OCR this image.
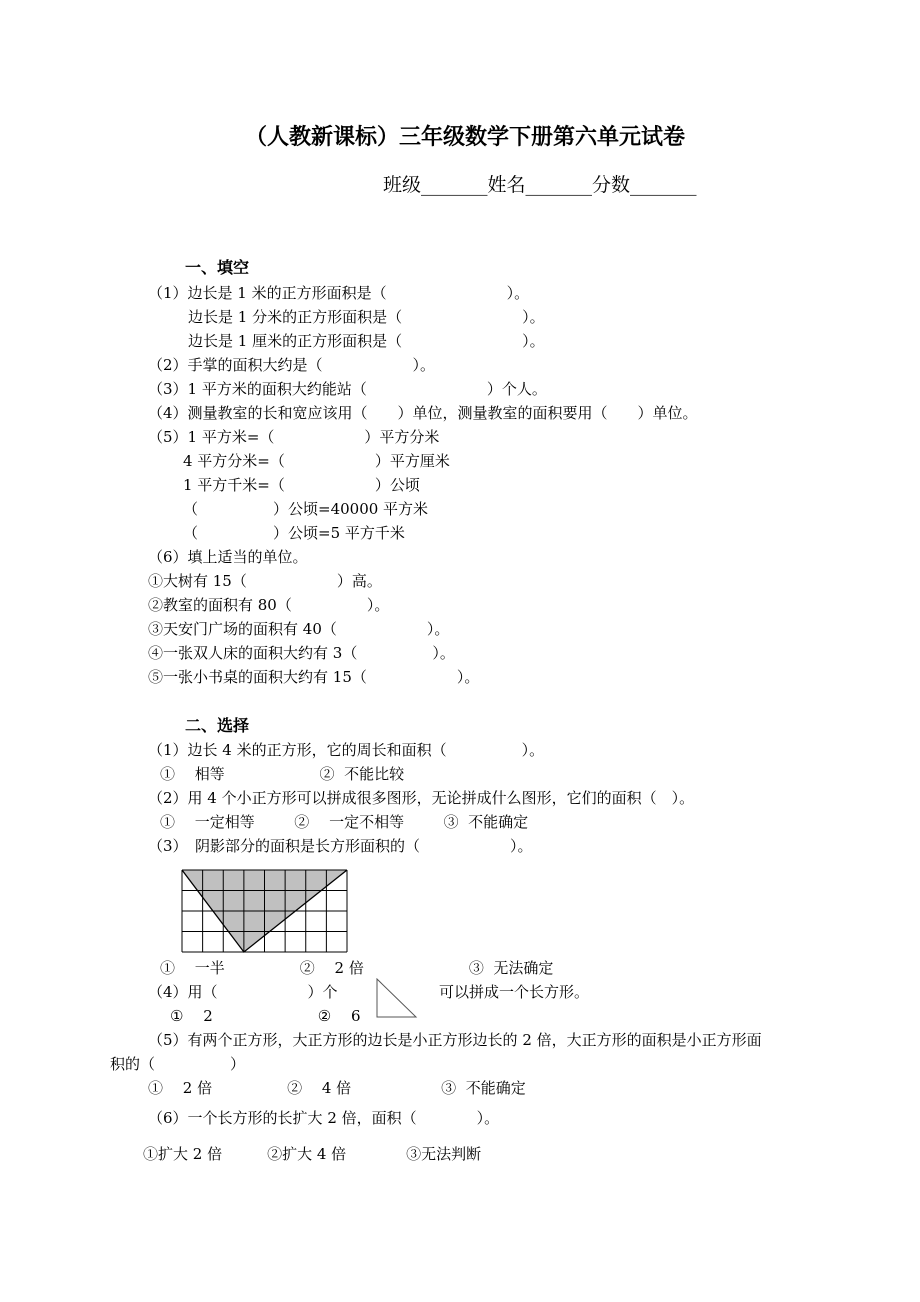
（人教新课标）三年级数学下册第六单元试卷
班级_______姓名_______分数_______
一、填空
（1）边长是 1 米的正方形面积是（　　　　　　　　）。
边长是 1 分米的正方形面积是（　　　　　　　　）。
边长是 1 厘米的正方形面积是（　　　　　　　　）。
（2）手掌的面积大约是（　　　　　　）。
（3）1 平方米的面积大约能站（　　　　　　　　）个人。
（4）测量教室的长和宽应该用（　　）单位，测量教室的面积要用（　　）单位。
（5）1 平方米=（　　　　　　）平方分米
4 平方分米=（　　　　　　）平方厘米
1 平方千米=（　　　　　　）公顷
（　　　　　）公顷=40000 平方米
（　　　　　）公顷=5 平方千米
（6）填上适当的单位。
①大树有 15（　　　　　　）高。
②教室的面积有 80（　　　　　）。
③天安门广场的面积有 40（　　　　　　）。
④一张双人床的面积大约有 3（　　　　　）。
⑤一张小书桌的面积大约有 15（　　　　　　）。
二、选择
（1）边长 4 米的正方形，它的周长和面积（　　　　　）。
①　 相等　　　　　　 ②  不能比较
（2）用 4 个小正方形可以拼成很多图形，无论拼成什么图形，它们的面积（　）。
①　 一定相等　　  ②　 一定不相等　　  ③  不能确定
（3）　阴影部分的面积是长方形面积的（　　　　　　）。
①　 一半　　　　　②　 2 倍　　　　　　　③  无法确定
（4）用（　　　　　　）个	可以拼成一个长方形。
①　 2　　　　　　　②　 6
（5）有两个正方形，大正方形的边长是小正方形边长的 2 倍，大正方形的面积是小正方形面
积的（　　　　　）
①　 2 倍　　　　　②　 4 倍　　　　　　③  不能确定
（6）一个长方形的长扩大 2 倍，面积（　　　　）。
①扩大 2 倍　　　②扩大 4 倍　　　　③无法判断
